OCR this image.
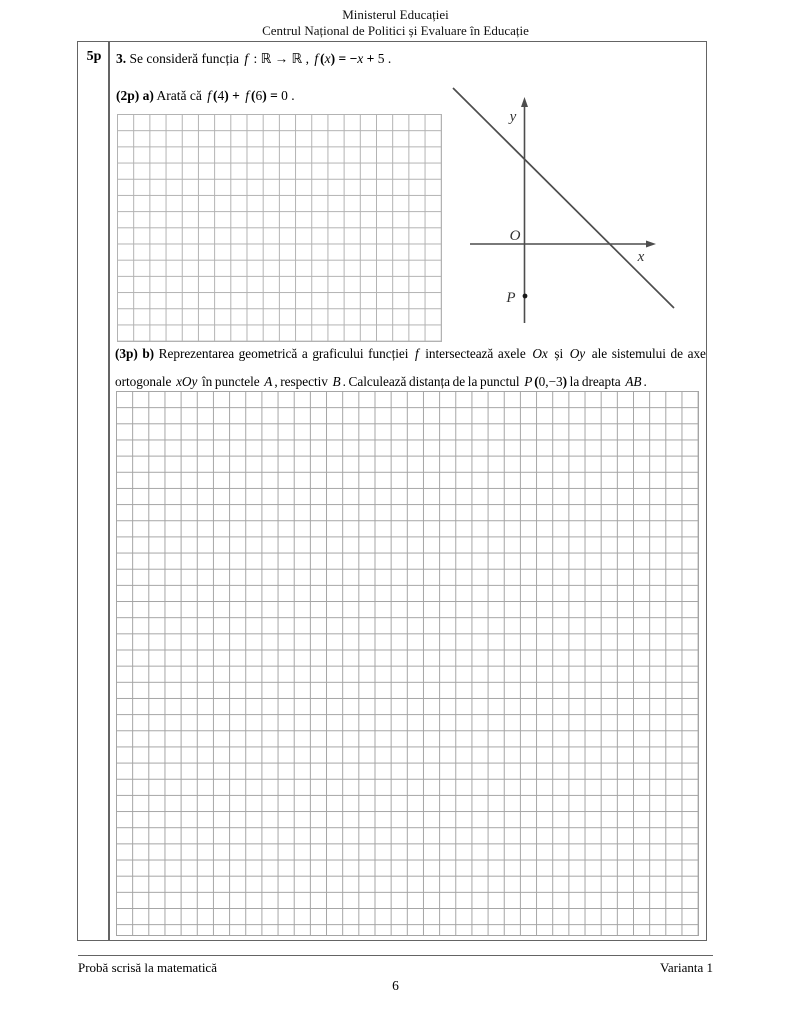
Ministerul Educației
Centrul Național de Politici și Evaluare în Educație
5p	3. Se consideră funcția f : ℝ → ℝ , f (x) = −x + 5 .
(2p) a) Arată că f (4) + f (6) = 0 .
y
x
O
P
(3p) b) Reprezentarea geometrică a graficului funcției f intersectează axele Ox și Oy ale sistemului de axe ortogonale xOy în punctele A , respectiv B . Calculează distanța de la punctul P (0,−3) la dreapta AB .
Probă scrisă la matematică	Varianta 1
6
